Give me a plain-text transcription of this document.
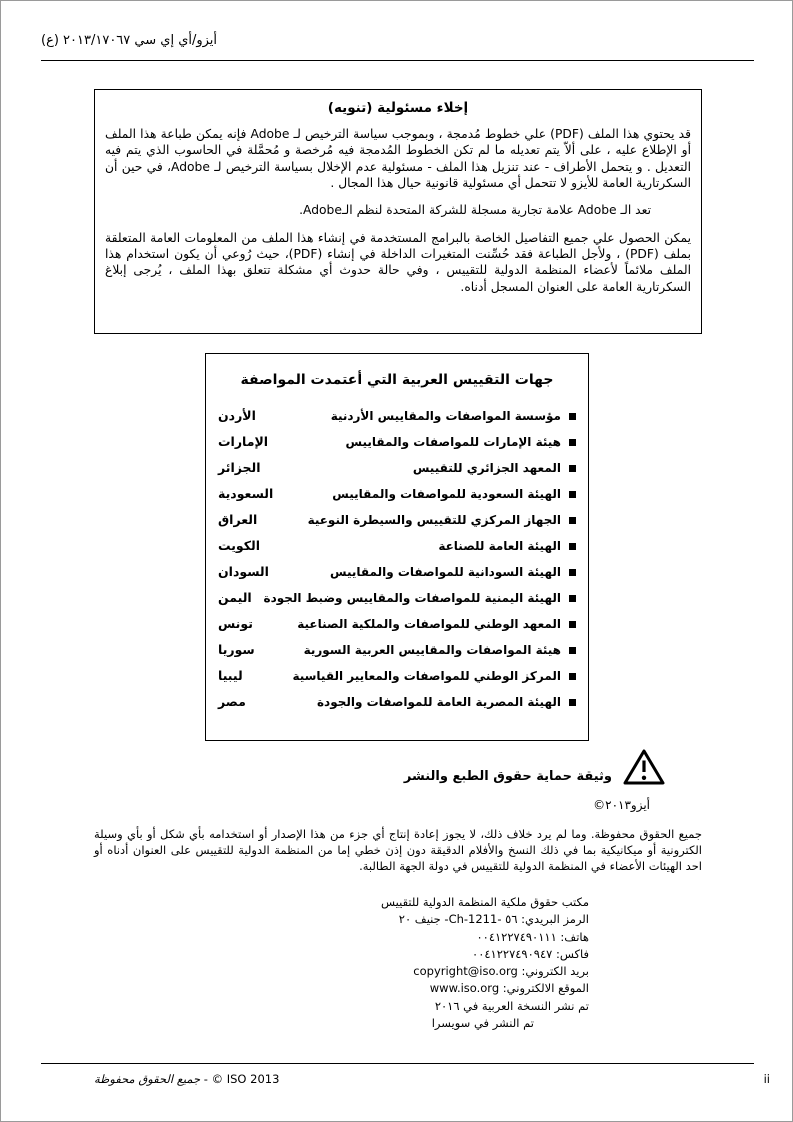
أيزو/أي إي سي ٢٠١٣/١٧٠٦٧ (ع)
إخلاء مسئولية (تنويه)

قد يحتوي هذا الملف (PDF) علي خطوط مُدمجة ، وبموجب سياسة الترخيص لـ Adobe فإنه يمكن طباعة هذا الملف أو الإطلاع عليه ، على ألاّ يتم تعديله ما لم تكن الخطوط المُدمجة فيه مُرخصة و مُحمَّلة في الحاسوب الذي يتم فيه التعديل . و يتحمل الأطراف - عند تنزيل هذا الملف - مسئولية عدم الإخلال بسياسة الترخيص لـ Adobe، في حين أن السكرتارية العامة للأيزو لا تتحمل أي مسئولية قانونية حيال هذا المجال .

تعد الـ Adobe علامة تجارية مسجلة للشركة المتحدة لنظم الـAdobe.

يمكن الحصول علي جميع التفاصيل الخاصة بالبرامج المستخدمة في إنشاء هذا الملف من المعلومات العامة المتعلقة بملف (PDF) ، ولأجل الطباعة فقد حُسِّنت المتغيرات الداخلة في إنشاء (PDF)، حيث رُوعي أن يكون استخدام هذا الملف ملائماً لأعضاء المنظمة الدولية للتقييس ، وفي حالة حدوث أي مشكلة تتعلق بهذا الملف ، يُرجى إبلاغ السكرتارية العامة على العنوان المسجل أدناه.

جهات التقييس العربية التي أعتمدت المواصفة
مؤسسة المواصفات والمقاييس الأردنية
الأردن
هيئة الإمارات للمواصفات والمقاييس
الإمارات
المعهد الجزائري للتقييس
الجزائر
الهيئة السعودية للمواصفات والمقاييس
السعودية
الجهاز المركزي للتقييس والسيطرة النوعية
العراق
الهيئة العامة للصناعة
الكويت
الهيئة السودانية للمواصفات والمقاييس
السودان
الهيئة اليمنية للمواصفات والمقاييس وضبط الجودة
اليمن
المعهد الوطني للمواصفات والملكية الصناعية
تونس
هيئة المواصفات والمقاييس العربية السورية
سوريا
المركز الوطني للمواصفات والمعايير القياسية
ليبيا
الهيئة المصرية العامة للمواصفات والجودة
مصر
وثيقة حماية حقوق الطبع والنشر
أيزو٢٠١٣©

جميع الحقوق محفوظة. وما لم يرد خلاف ذلك، لا يجوز إعادة إنتاج أي جزء من هذا الإصدار أو استخدامه بأي شكل أو بأي وسيلة الكترونية أو ميكانيكية بما في ذلك النسخ والأفلام الدقيقة دون إذن خطي إما من المنظمة الدولية للتقييس على العنوان أدناه أو احد الهيئات الأعضاء في المنظمة الدولية للتقييس في دولة الجهة الطالبة.

مكتب حقوق ملكية المنظمة الدولية للتقييس
الرمز البريدي: ٥٦ -Ch-1211- جنيف ٢٠
هاتف: ٠٠٤١٢٢٧٤٩٠١١١
فاكس: ٠٠٤١٢٢٧٤٩٠٩٤٧
بريد الكتروني: copyright@iso.org
الموقع الالكتروني: www.iso.org
تم نشر النسخة العربية في ٢٠١٦
تم النشر في سويسرا
جميع الحقوق محفوظة - © ISO 2013	ii
